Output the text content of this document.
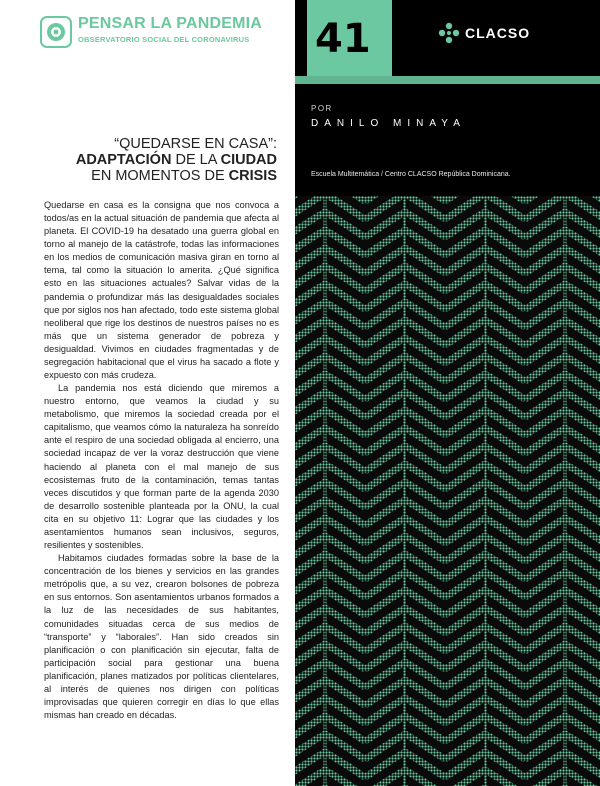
PENSAR LA PANDEMIA
OBSERVATORIO SOCIAL DEL CORONAVIRUS
“QUEDARSE EN CASA”:
ADAPTACIÓN DE LA CIUDAD
EN MOMENTOS DE CRISIS

Quedarse en casa es la consigna que nos convoca a todos/as en la actual situación de pandemia que afecta al planeta. El COVID-19 ha desatado una guerra global en torno al manejo de la catástrofe, todas las informaciones en los medios de comunicación masiva giran en torno al tema, tal como la situación lo amerita. ¿Qué significa esto en las situaciones actuales? Salvar vidas de la pandemia o profundizar más las desigualdades sociales que por siglos nos han afectado, todo este sistema global neoliberal que rige los destinos de nuestros países no es más que un sistema generador de pobreza y desigualdad. Vivimos en ciudades fragmentadas y de segregación habitacional que el virus ha sacado a flote y expuesto con más crudeza.

La pandemia nos está diciendo que miremos a nuestro entorno, que veamos la ciudad y su metabolismo, que miremos la sociedad creada por el capitalismo, que veamos cómo la naturaleza ha sonreído ante el respiro de una sociedad obligada al encierro, una sociedad incapaz de ver la voraz destrucción que viene haciendo al planeta con el mal manejo de sus ecosistemas fruto de la contaminación, temas tantas veces discutidos y que forman parte de la agenda 2030 de desarrollo sostenible planteada por la ONU, la cual cita en su objetivo 11: Lograr que las ciudades y los asentamientos humanos sean inclusivos, seguros, resilientes y sostenibles.

Habitamos ciudades formadas sobre la base de la concentración de los bienes y servicios en las grandes metrópolis que, a su vez, crearon bolsones de pobreza en sus entornos. Son asentamientos urbanos formados a la luz de las necesidades de sus habitantes, comunidades situadas cerca de sus medios de “transporte” y “laborales”. Han sido creados sin planificación o con planificación sin ejecutar, falta de participación social para gestionar una buena planificación, planes matizados por políticas clientelares, al interés de quienes nos dirigen con políticas improvisadas que quieren corregir en días lo que ellas mismas han creado en décadas.

41	CLACSO
POR
DANILO MINAYA
Escuela Multitemática / Centro CLACSO República Dominicana.
